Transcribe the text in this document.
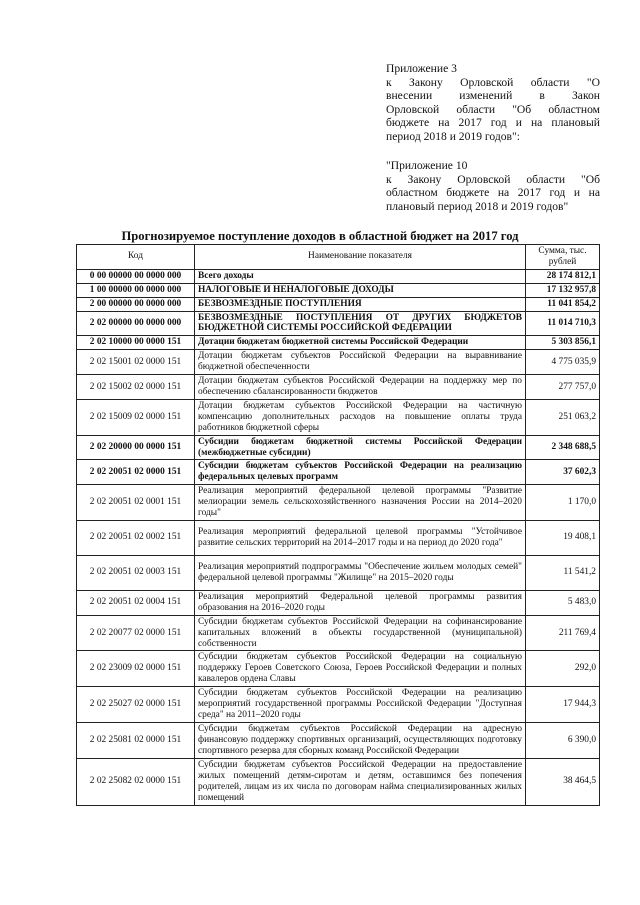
Приложение 3
к Закону Орловской области "О
внесении изменений в Закон
Орловской области "Об областном
бюджете на 2017 год и на плановый
период 2018 и 2019 годов":
"Приложение 10
к Закону Орловской области "Об
областном бюджете на 2017 год и на
плановый период 2018 и 2019 годов"
Прогнозируемое поступление доходов в областной бюджет на 2017 год
Код	Наименование показателя	Сумма, тыс. рублей
0 00 00000 00 0000 000	Всего доходы	28 174 812,1
1 00 00000 00 0000 000	НАЛОГОВЫЕ И НЕНАЛОГОВЫЕ ДОХОДЫ	17 132 957,8
2 00 00000 00 0000 000	БЕЗВОЗМЕЗДНЫЕ ПОСТУПЛЕНИЯ	11 041 854,2
2 02 00000 00 0000 000	БЕЗВОЗМЕЗДНЫЕ ПОСТУПЛЕНИЯ ОТ ДРУГИХ БЮДЖЕТОВ БЮДЖЕТНОЙ СИСТЕМЫ РОССИЙСКОЙ ФЕДЕРАЦИИ	11 014 710,3
2 02 10000 00 0000 151	Дотации бюджетам бюджетной системы Российской Федерации	5 303 856,1
2 02 15001 02 0000 151	Дотации бюджетам субъектов Российской Федерации на выравнивание бюджетной обеспеченности	4 775 035,9
2 02 15002 02 0000 151	Дотации бюджетам субъектов Российской Федерации на поддержку мер по обеспечению сбалансированности бюджетов	277 757,0
2 02 15009 02 0000 151	Дотации бюджетам субъектов Российской Федерации на частичную компенсацию дополнительных расходов на повышение оплаты труда работников бюджетной сферы	251 063,2
2 02 20000 00 0000 151	Субсидии бюджетам бюджетной системы Российской Федерации (межбюджетные субсидии)	2 348 688,5
2 02 20051 02 0000 151	Субсидии бюджетам субъектов Российской Федерации на реализацию федеральных целевых программ	37 602,3
2 02 20051 02 0001 151	Реализация мероприятий федеральной целевой программы "Развитие мелиорации земель сельскохозяйственного назначения России на 2014–2020 годы"	1 170,0
2 02 20051 02 0002 151	Реализация мероприятий федеральной целевой программы "Устойчивое развитие сельских территорий на 2014–2017 годы и на период до 2020 года"	19 408,1
2 02 20051 02 0003 151	Реализация мероприятий подпрограммы "Обеспечение жильем молодых семей" федеральной целевой программы "Жилище" на 2015–2020 годы	11 541,2
2 02 20051 02 0004 151	Реализация мероприятий Федеральной целевой программы развития образования на 2016–2020 годы	5 483,0
2 02 20077 02 0000 151	Субсидии бюджетам субъектов Российской Федерации на софинансирование капитальных вложений в объекты государственной (муниципальной) собственности	211 769,4
2 02 23009 02 0000 151	Субсидии бюджетам субъектов Российской Федерации на социальную поддержку Героев Советского Союза, Героев Российской Федерации и полных кавалеров ордена Славы	292,0
2 02 25027 02 0000 151	Субсидии бюджетам субъектов Российской Федерации на реализацию мероприятий государственной программы Российской Федерации "Доступная среда" на 2011–2020 годы	17 944,3
2 02 25081 02 0000 151	Субсидии бюджетам субъектов Российской Федерации на адресную финансовую поддержку спортивных организаций, осуществляющих подготовку спортивного резерва для сборных команд Российской Федерации	6 390,0
2 02 25082 02 0000 151	Субсидии бюджетам субъектов Российской Федерации на предоставление жилых помещений детям-сиротам и детям, оставшимся без попечения родителей, лицам из их числа по договорам найма специализированных жилых помещений	38 464,5
